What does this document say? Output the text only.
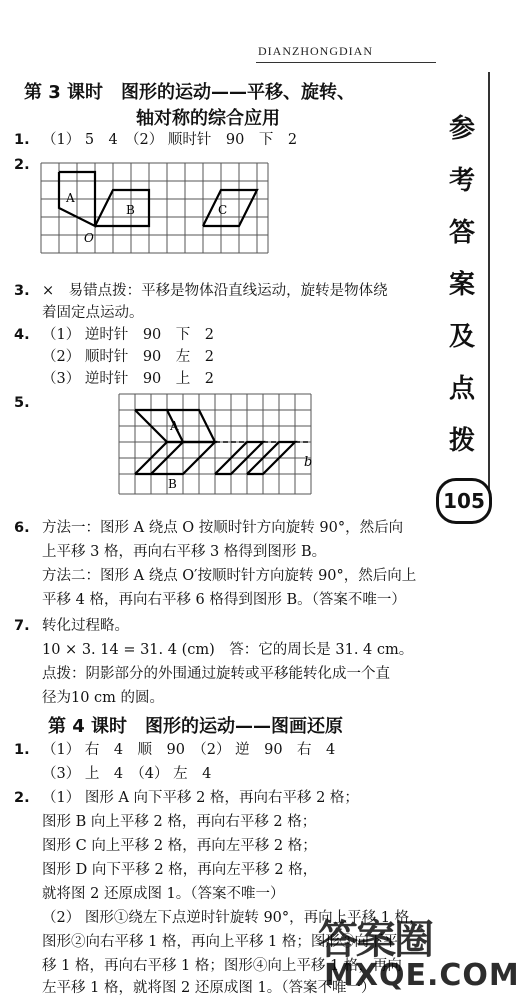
DIANZHONGDIAN
参
考
答
案
及
点
拨
105
第 3 课时　图形的运动——平移、旋转、
轴对称的综合应用
1. （1） 5　4　（2） 顺时针　90　下　2
2.
A
B	C
O
3. ×　易错点拨：平移是物体沿直线运动，旋转是物体绕
着固定点运动。
4. （1） 逆时针　90　下　2
（2） 顺时针　90　左　2
（3） 逆时针　90　上　2
5.
A
B
b
6. 方法一：图形 A 绕点 O 按顺时针方向旋转 90°，然后向
上平移 3 格，再向右平移 3 格得到图形 B。
方法二：图形 A 绕点 O′按顺时针方向旋转 90°，然后向上
平移 4 格，再向右平移 6 格得到图形 B。（答案不唯一）
7. 转化过程略。
10 × 3. 14 = 31. 4 (cm)　答：它的周长是 31. 4 cm。
点拨：阴影部分的外围通过旋转或平移能转化成一个直
径为10 cm 的圆。
第 4 课时　图形的运动——图画还原
1. （1） 右　4　顺　90　（2） 逆　90　右　4
（3） 上　4　（4） 左　4
2. （1） 图形 A 向下平移 2 格，再向右平移 2 格；
图形 B 向上平移 2 格，再向右平移 2 格；
图形 C 向上平移 2 格，再向左平移 2 格；
图形 D 向下平移 2 格，再向左平移 2 格，
就将图 2 还原成图 1。（答案不唯一）
（2） 图形①绕左下点逆时针旋转 90°，再向上平移 1 格，
图形②向右平移 1 格，再向上平移 1 格；图形③向下平
移 1 格，再向右平移 1 格；图形④向上平移 1 格，再向
左平移 1 格，就将图 2 还原成图 1。（答案不唯一）
答案圈
MXQE.COM
